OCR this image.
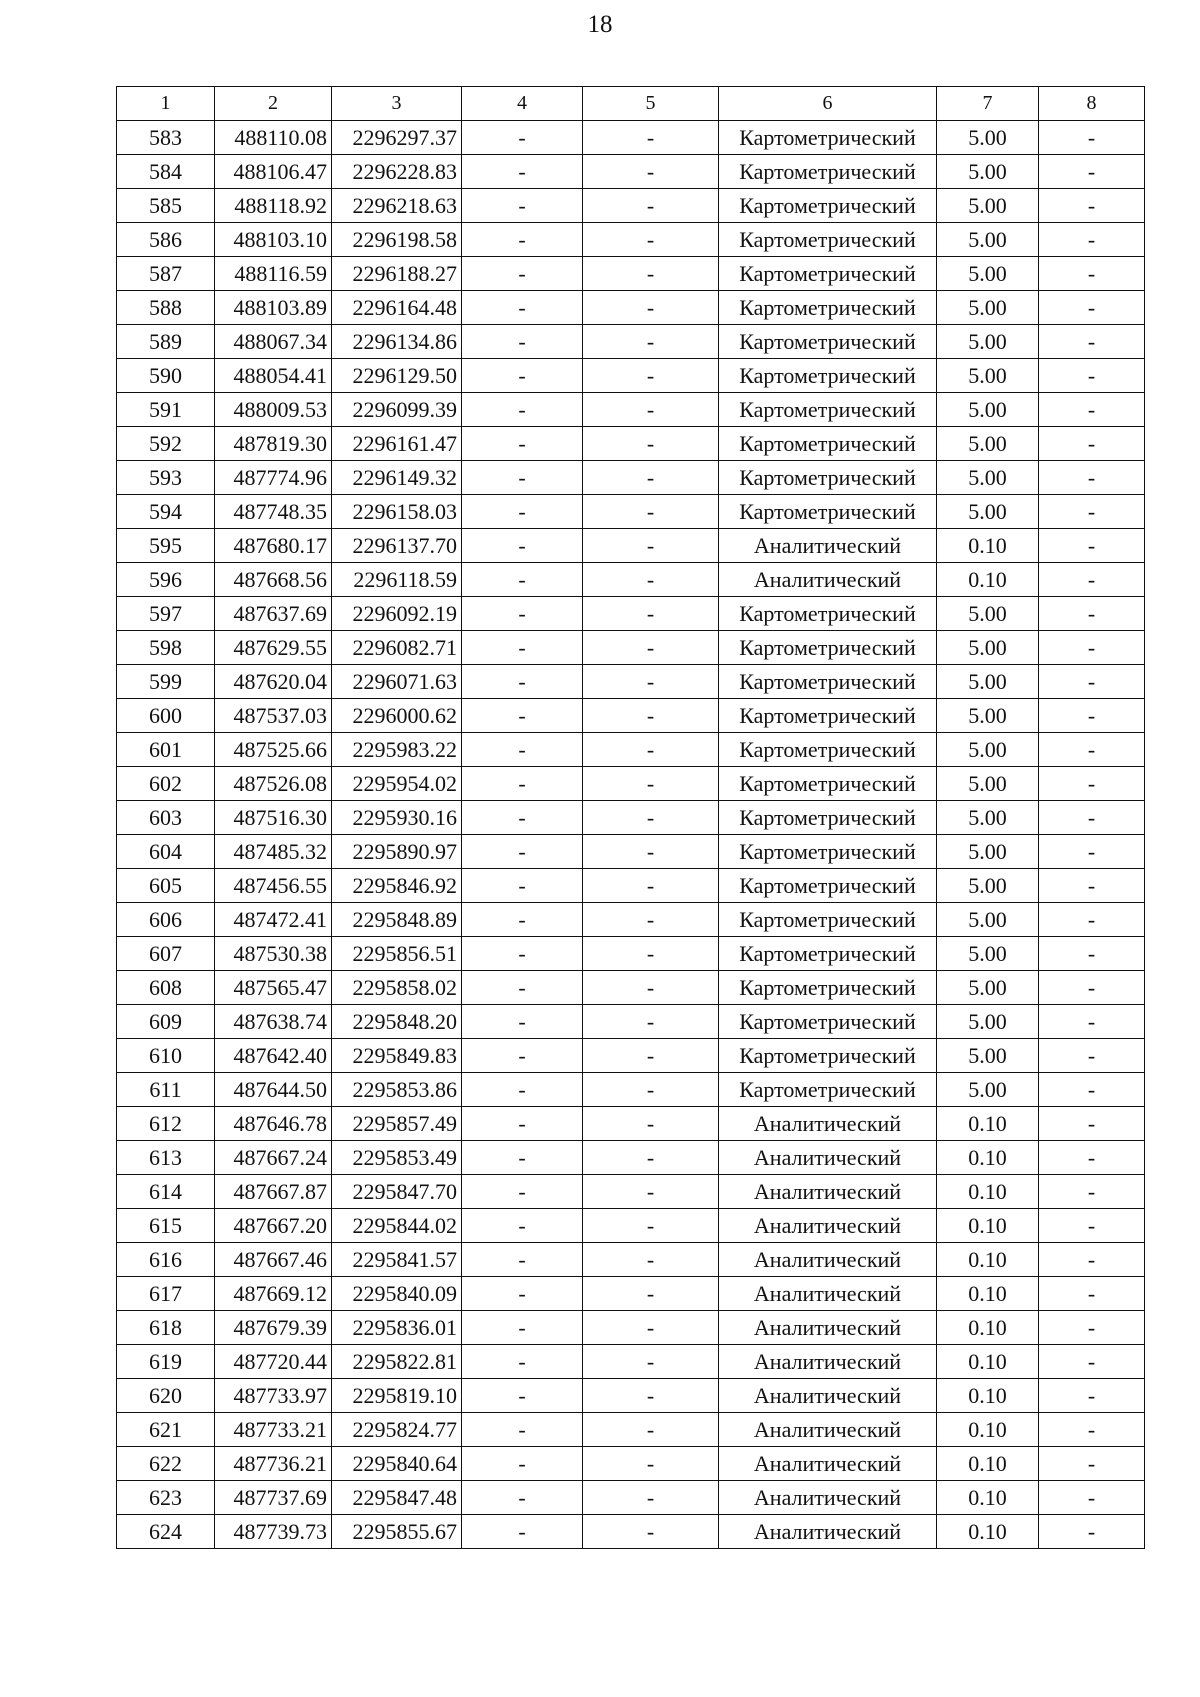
18
1	2	3	4	5	6	7	8
583	488110.08	2296297.37	-	-	Картометрический	5.00	-
584	488106.47	2296228.83	-	-	Картометрический	5.00	-
585	488118.92	2296218.63	-	-	Картометрический	5.00	-
586	488103.10	2296198.58	-	-	Картометрический	5.00	-
587	488116.59	2296188.27	-	-	Картометрический	5.00	-
588	488103.89	2296164.48	-	-	Картометрический	5.00	-
589	488067.34	2296134.86	-	-	Картометрический	5.00	-
590	488054.41	2296129.50	-	-	Картометрический	5.00	-
591	488009.53	2296099.39	-	-	Картометрический	5.00	-
592	487819.30	2296161.47	-	-	Картометрический	5.00	-
593	487774.96	2296149.32	-	-	Картометрический	5.00	-
594	487748.35	2296158.03	-	-	Картометрический	5.00	-
595	487680.17	2296137.70	-	-	Аналитический	0.10	-
596	487668.56	2296118.59	-	-	Аналитический	0.10	-
597	487637.69	2296092.19	-	-	Картометрический	5.00	-
598	487629.55	2296082.71	-	-	Картометрический	5.00	-
599	487620.04	2296071.63	-	-	Картометрический	5.00	-
600	487537.03	2296000.62	-	-	Картометрический	5.00	-
601	487525.66	2295983.22	-	-	Картометрический	5.00	-
602	487526.08	2295954.02	-	-	Картометрический	5.00	-
603	487516.30	2295930.16	-	-	Картометрический	5.00	-
604	487485.32	2295890.97	-	-	Картометрический	5.00	-
605	487456.55	2295846.92	-	-	Картометрический	5.00	-
606	487472.41	2295848.89	-	-	Картометрический	5.00	-
607	487530.38	2295856.51	-	-	Картометрический	5.00	-
608	487565.47	2295858.02	-	-	Картометрический	5.00	-
609	487638.74	2295848.20	-	-	Картометрический	5.00	-
610	487642.40	2295849.83	-	-	Картометрический	5.00	-
611	487644.50	2295853.86	-	-	Картометрический	5.00	-
612	487646.78	2295857.49	-	-	Аналитический	0.10	-
613	487667.24	2295853.49	-	-	Аналитический	0.10	-
614	487667.87	2295847.70	-	-	Аналитический	0.10	-
615	487667.20	2295844.02	-	-	Аналитический	0.10	-
616	487667.46	2295841.57	-	-	Аналитический	0.10	-
617	487669.12	2295840.09	-	-	Аналитический	0.10	-
618	487679.39	2295836.01	-	-	Аналитический	0.10	-
619	487720.44	2295822.81	-	-	Аналитический	0.10	-
620	487733.97	2295819.10	-	-	Аналитический	0.10	-
621	487733.21	2295824.77	-	-	Аналитический	0.10	-
622	487736.21	2295840.64	-	-	Аналитический	0.10	-
623	487737.69	2295847.48	-	-	Аналитический	0.10	-
624	487739.73	2295855.67	-	-	Аналитический	0.10	-
